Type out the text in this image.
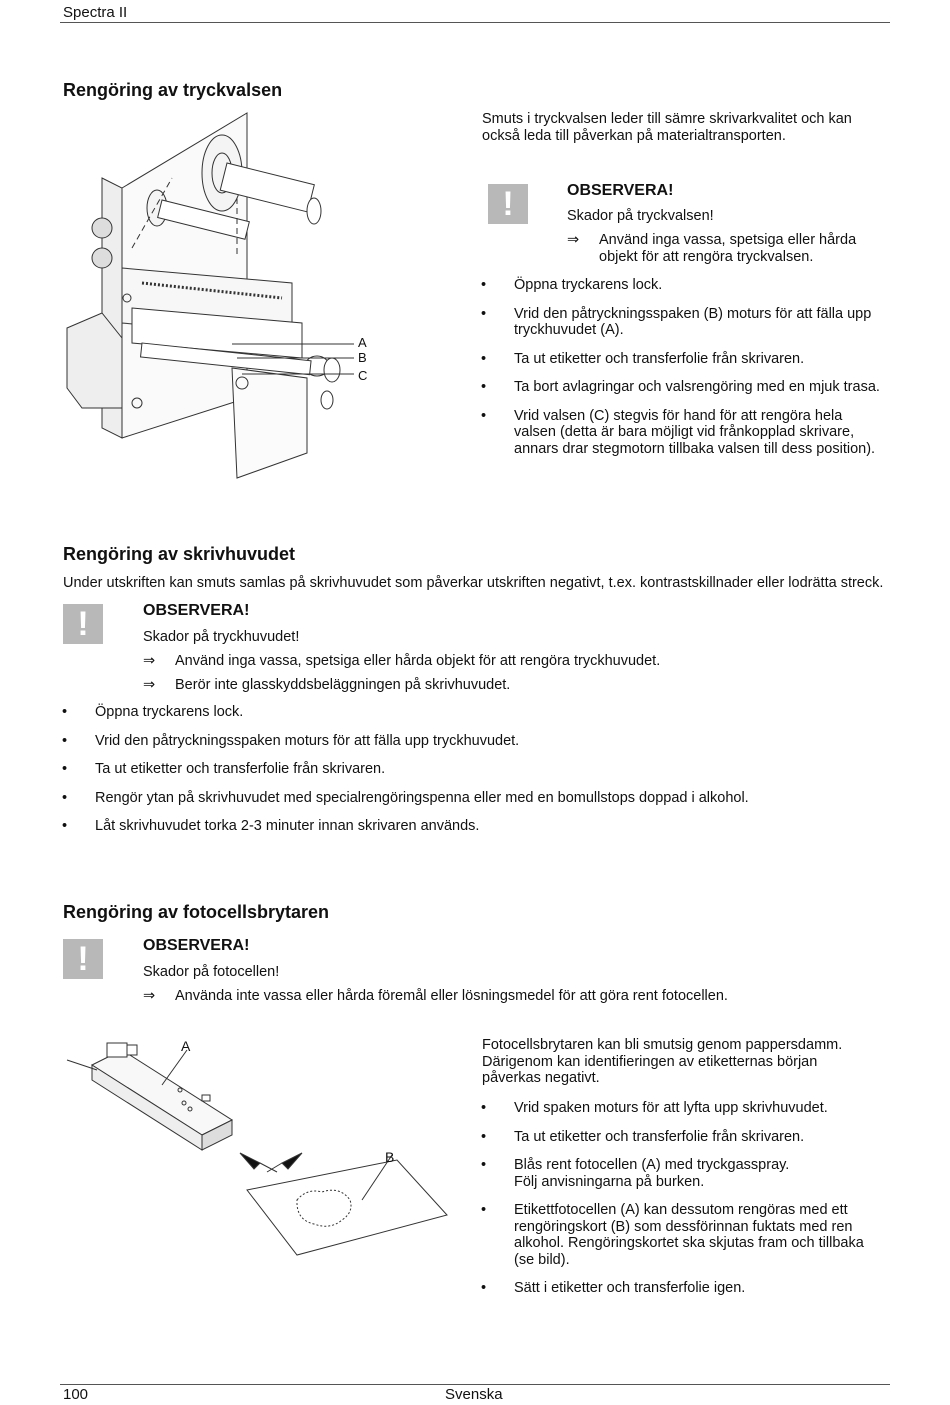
Spectra II
Rengöring av tryckvalsen
A
B
C
Smuts i tryckvalsen leder till sämre skrivarkvalitet och kan också leda till påverkan på materialtransporten.
!	OBSERVERA!
Skador på tryckvalsen!
⇒ Använd inga vassa, spetsiga eller hårda objekt för att rengöra tryckvalsen.
• Öppna tryckarens lock.
• Vrid den påtryckningsspaken (B) moturs för att fälla upp tryckhuvudet (A).
• Ta ut etiketter och transferfolie från skrivaren.
• Ta bort avlagringar och valsrengöring med en mjuk trasa.
• Vrid valsen (C) stegvis för hand för att rengöra hela valsen (detta är bara möjligt vid frånkopplad skrivare, annars drar stegmotorn tillbaka valsen till dess position).
Rengöring av skrivhuvudet
Under utskriften kan smuts samlas på skrivhuvudet som påverkar utskriften negativt, t.ex. kontrastskillnader eller lodrätta streck.
!	OBSERVERA!
Skador på tryckhuvudet!
⇒ Använd inga vassa, spetsiga eller hårda objekt för att rengöra tryckhuvudet.
⇒ Berör inte glasskyddsbeläggningen på skrivhuvudet.
• Öppna tryckarens lock.
• Vrid den påtryckningsspaken moturs för att fälla upp tryckhuvudet.
• Ta ut etiketter och transferfolie från skrivaren.
• Rengör ytan på skrivhuvudet med specialrengöringspenna eller med en bomullstops doppad i alkohol.
• Låt skrivhuvudet torka 2-3 minuter innan skrivaren används.
Rengöring av fotocellsbrytaren
!	OBSERVERA!
Skador på fotocellen!
⇒ Använda inte vassa eller hårda föremål eller lösningsmedel för att göra rent fotocellen.
A
B
Fotocellsbrytaren kan bli smutsig genom pappersdamm. Därigenom kan identifieringen av etiketternas början påverkas negativt.
• Vrid spaken moturs för att lyfta upp skrivhuvudet.
• Ta ut etiketter och transferfolie från skrivaren.
• Blås rent fotocellen (A) med tryckgasspray. Följ anvisningarna på burken.
• Etikettfotocellen (A) kan dessutom rengöras med ett rengöringskort (B) som dessförinnan fuktats med ren alkohol. Rengöringskortet ska skjutas fram och tillbaka (se bild).
• Sätt i etiketter och transferfolie igen.
100	Svenska
